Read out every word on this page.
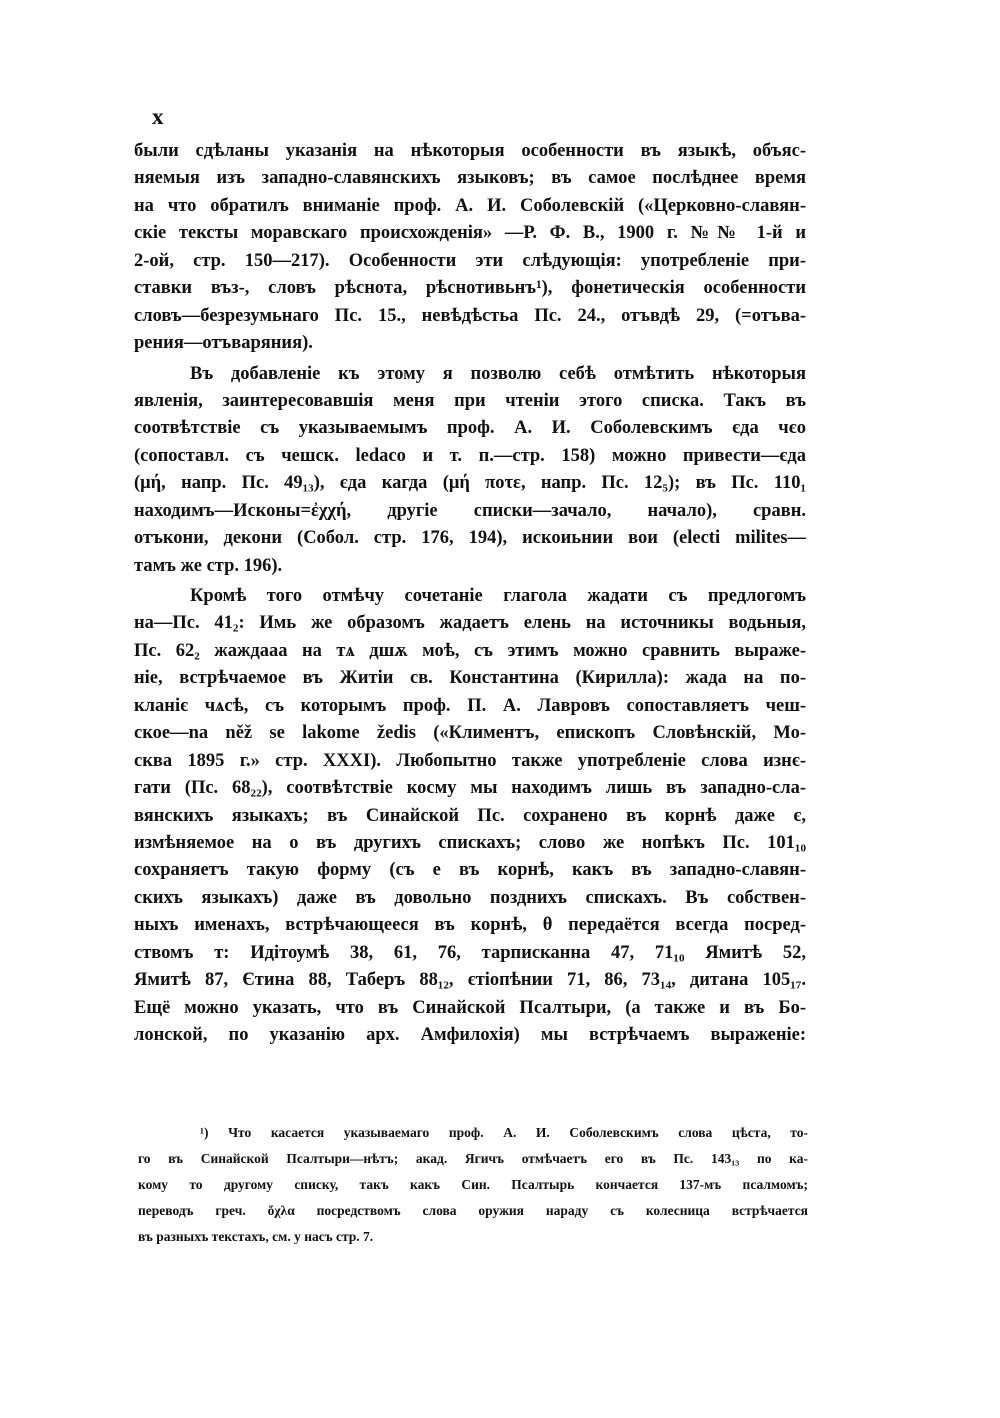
x
были сдѣланы указанія на нѣкоторыя особенности въ языкѣ, объяс-
няемыя изъ западно-славянскихъ языковъ; въ самое послѣднее время
на что обратилъ вниманіе проф. А. И. Соболевскій («Церковно-славян-
скіе тексты моравскаго происхожденія» —Р. Ф. В., 1900 г. №№ 1-й и
2-ой, стр. 150—217). Особенности эти слѣдующія: употребленіе при-
ставки въз-, словъ рѣснота, рѣснотивьнъ¹), фонетическія особенности
словъ—безрезумьнаго Пс. 15., невѣдѣстьа Пс. 24., отъвдѣ 29, (=отъва-
рения—отъваряния).
Въ добавленіе къ этому я позволю себѣ отмѣтить нѣкоторыя
явленія, заинтересовавшія меня при чтеніи этого списка. Такъ въ
соотвѣтствіе съ указываемымъ проф. А. И. Соболевскимъ єда чєо
(сопоставл. съ чешск. ledaco и т. п.—стр. 158) можно привести—єда
(μή, напр. Пс. 49₁₃), єда кагда (μή ποτε, напр. Пс. 12₅); въ Пс. 110₁
находимъ—Исконы=ἐχχή, другіе списки—зачало, начало), сравн.
отъкони, декони (Собол. стр. 176, 194), искоиьнии вои (electi milites—
тамъ же стр. 196).
Кромѣ того отмѣчу сочетаніе глагола жадати съ предлогомъ
на—Пс. 41₂: Имь же образомъ жадаетъ елень на источникы водьныя,
Пс. 62₂ жаждааа на тѧ дшѫ моѣ, съ этимъ можно сравнить выраже-
ніе, встрѣчаемое въ Житіи св. Константина (Кирилла): жада на по-
кланіє чѧсѣ, съ которымъ проф. П. А. Лавровъ сопоставляетъ чеш-
ское—na něž se lakome žedis («Климентъ, епископъ Словѣнскій, Мо-
сква 1895 г.» стр. XXXI). Любопытно также употребленіе слова изнє-
гати (Пс. 68₂₂), соотвѣтствіе косму мы находимъ лишь въ западно-сла-
вянскихъ языкахъ; въ Синайской Пс. сохранено въ корнѣ даже є,
измѣняемое на о въ другихъ спискахъ; слово же нопѣкъ Пс. 101₁₀
сохраняетъ такую форму (съ е въ корнѣ, какъ въ западно-славян-
скихъ языкахъ) даже въ довольно позднихъ спискахъ. Въ собствен-
ныхъ именахъ, встрѣчающееся въ корнѣ, θ передаётся всегда посред-
ствомъ т: Идітоумѣ 38, 61, 76, тарписканна 47, 71₁₀ Ямитѣ 52,
Ямитѣ 87, Єтина 88, Таберъ 88₁₂, єтіопѣнии 71, 86, 73₁₄, дитана 105₁₇.
Ещё можно указать, что въ Синайской Псалтыри, (а также и въ Бо-
лонской, по указанію арх. Амфилохія) мы встрѣчаемъ выраженіе:
¹) Что касается указываемаго проф. А. И. Соболевскимъ слова цѣста, то-
го въ Синайской Псалтыри—нѣтъ; акад. Ягичъ отмѣчаетъ его въ Пс. 143₁₃ по ка-
кому то другому списку, такъ какъ Син. Псалтырь кончается 137-мъ псалмомъ;
переводъ греч. ὄχλα посредствомъ слова оружия нараду съ колесница встрѣчается
въ разныхъ текстахъ, см. у насъ стр. 7.
